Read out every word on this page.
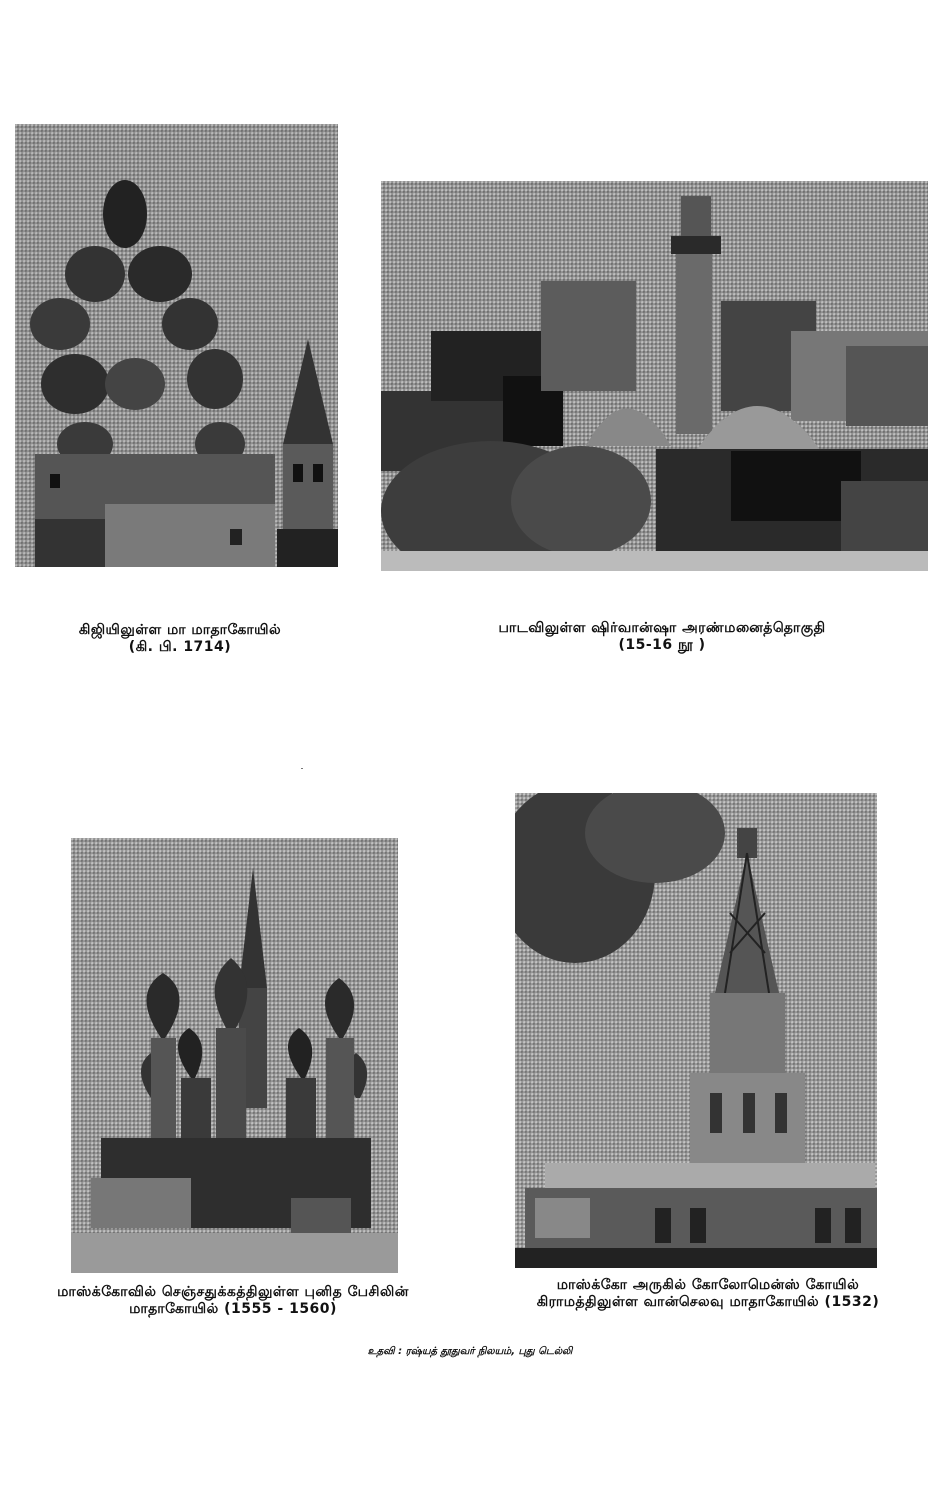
கிஜியிலுள்ள மா மாதாகோயில்
(கி. பி. 1714)
பாடவிலுள்ள ஷிர்வான்ஷா அரண்மனைத்தொகுதி
(15-16 நூ )
மாஸ்க்கோவில் செஞ்சதுக்கத்திலுள்ள புனித பேசிலின்
மாதாகோயில் (1555 - 1560)
மாஸ்க்கோ அருகில் கோலோமென்ஸ் கோயில்
கிராமத்திலுள்ள வான்செலவு மாதாகோயில் (1532)
உதவி : ரஷ்யத் தூதுவர் நிலயம், புது டெல்லி
